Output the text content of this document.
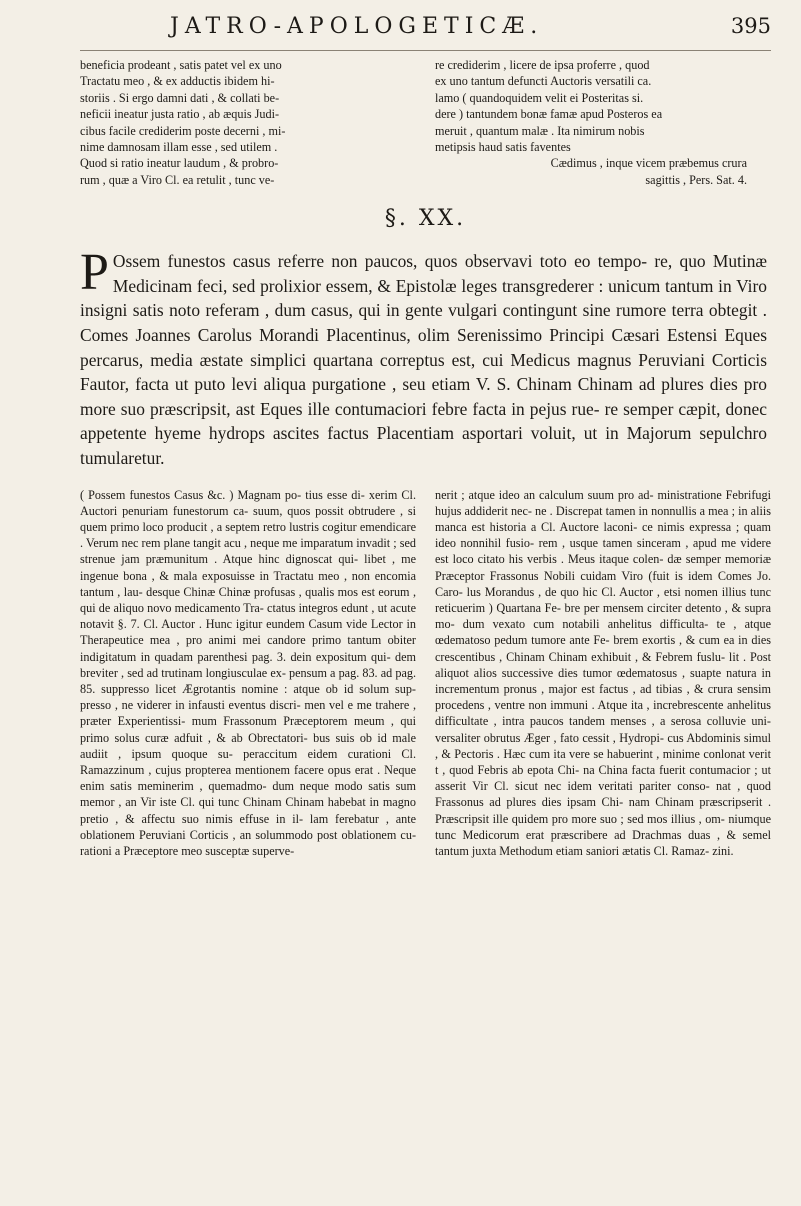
JATRO-APOLOGETICÆ.	395
beneficia prodeant , satis patet vel ex uno
Tractatu meo , & ex adductis ibidem hi-
storiis . Si ergo damni dati , & collati be-
neficii ineatur justa ratio , ab æquis Judi-
cibus facile crediderim poste decerni , mi-
nime damnosam illam esse , sed utilem .
Quod si ratio ineatur laudum , & probro-
rum , quæ a Viro Cl. ea retulit , tunc ve-
re crediderim , licere de ipsa proferre , quod
ex uno tantum defuncti Auctoris versatili ca.
lamo ( quandoquidem velit ei Posteritas si.
dere ) tantundem bonæ famæ apud Posteros ea
meruit , quantum malæ . Ita nimirum nobis
metipsis haud satis faventes
Cædimus , inque vicem præbemus crura
sagittis , Pers. Sat. 4.
§. XX.

P Ossem funestos casus referre non paucos, quos observavi toto eo tempo- re, quo Mutinæ Medicinam feci, sed prolixior essem, & Epistolæ leges transgrederer : unicum tantum in Viro insigni satis noto referam , dum casus, qui in gente vulgari contingunt sine rumore terra obtegit . Comes Joannes Carolus Morandi Placentinus, olim Serenissimo Principi Cæsari Estensi Eques percarus, media æstate simplici quartana correptus est, cui Medicus magnus Peruviani Corticis Fautor, facta ut puto levi aliqua purgatione , seu etiam V. S. Chinam Chinam ad plures dies pro more suo præscripsit, ast Eques ille contumaciori febre facta in pejus rue- re semper cæpit, donec appetente hyeme hydrops ascites factus Placentiam asportari voluit, ut in Majorum sepulchro tumularetur.

( Possem funestos Casus &c. ) Magnam po- tius esse di- xerim Cl. Auctori penuriam funestorum ca- suum, quos possit obtrudere , si quem primo loco producit , a septem retro lustris cogitur emendicare . Verum nec rem plane tangit acu , neque me imparatum invadit ; sed strenue jam præmunitum . Atque hinc dignoscat qui- libet , me ingenue bona , & mala exposuisse in Tractatu meo , non encomia tantum , lau- desque Chinæ Chinæ profusas , qualis mos est eorum , qui de aliquo novo medicamento Tra- ctatus integros edunt , ut acute notavit §. 7. Cl. Auctor . Hunc igitur eundem Casum vide Lector in Therapeutice mea , pro animi mei candore primo tantum obiter indigitatum in quadam parenthesi pag. 3. dein expositum qui- dem breviter , sed ad trutinam longiusculae ex- pensum a pag. 83. ad pag. 85. suppresso licet Ægrotantis nomine : atque ob id solum sup- presso , ne viderer in infausti eventus discri- men vel e me trahere , præter Experientissi- mum Frassonum Præceptorem meum , qui primo solus curæ adfuit , & ab Obrectatori- bus suis ob id male audiit , ipsum quoque su- peraccitum eidem curationi Cl. Ramazzinum , cujus propterea mentionem facere opus erat . Neque enim satis meminerim , quemadmo- dum neque modo satis sum memor , an Vir iste Cl. qui tunc Chinam Chinam habebat in magno pretio , & affectu suo nimis effuse in il- lam ferebatur , ante oblationem Peruviani Corticis , an solummodo post oblationem cu- rationi a Præceptore meo susceptæ superve-

nerit ; atque ideo an calculum suum pro ad- ministratione Febrifugi hujus addiderit nec- ne . Discrepat tamen in nonnullis a mea ; in aliis manca est historia a Cl. Auctore laconi- ce nimis expressa ; quam ideo nonnihil fusio- rem , usque tamen sinceram , apud me videre est loco citato his verbis . Meus itaque colen- dæ semper memoriæ Præceptor Frassonus Nobili cuidam Viro (fuit is idem Comes Jo. Caro- lus Morandus , de quo hic Cl. Auctor , etsi nomen illius tunc reticuerim ) Quartana Fe- bre per mensem circiter detento , & supra mo- dum vexato cum notabili anhelitus difficulta- te , atque œdematoso pedum tumore ante Fe- brem exortis , & cum ea in dies crescentibus , Chinam Chinam exhibuit , & Febrem fuslu- lit . Post aliquot alios successive dies tumor œdematosus , suapte natura in incrementum pronus , major est factus , ad tibias , & crura sensim procedens , ventre non immuni . Atque ita , increbrescente anhelitus difficultate , intra paucos tandem menses , a serosa colluvie uni- versaliter obrutus Æger , fato cessit , Hydropi- cus Abdominis simul , & Pectoris . Hæc cum ita vere se habuerint , minime conlonat verit t , quod Febris ab epota Chi- na China facta fuerit contumacior ; ut asserit Vir Cl. sicut nec idem veritati pariter conso- nat , quod Frassonus ad plures dies ipsam Chi- nam Chinam præscripserit . Præscripsit ille quidem pro more suo ; sed mos illius , om- niumque tunc Medicorum erat præscribere ad Drachmas duas , & semel tantum juxta Methodum etiam saniori ætatis Cl. Ramaz- zini.
